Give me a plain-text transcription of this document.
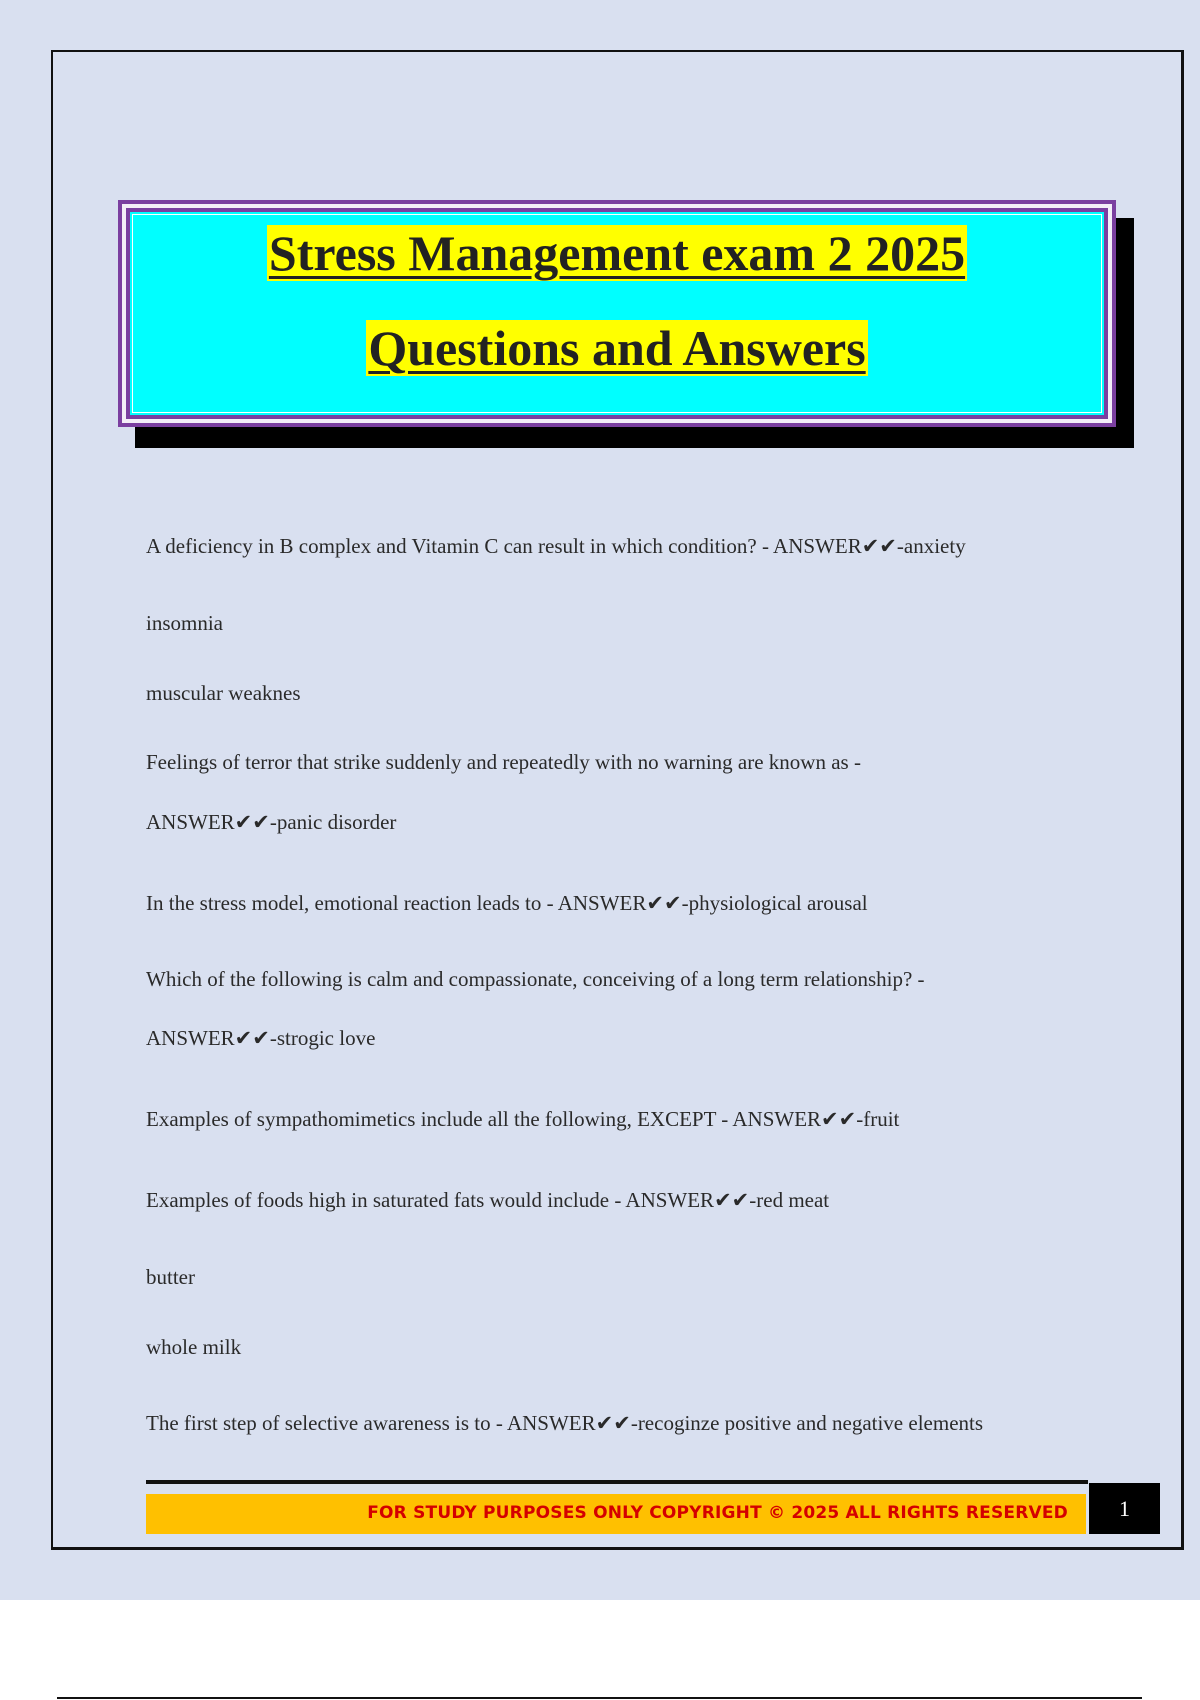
Stress Management exam 2 2025
Questions and Answers
A deficiency in B complex and Vitamin C can result in which condition? - ANSWER✔✔-anxiety
insomnia
muscular weaknes
Feelings of terror that strike suddenly and repeatedly with no warning are known as -
ANSWER✔✔-panic disorder
In the stress model, emotional reaction leads to - ANSWER✔✔-physiological arousal
Which of the following is calm and compassionate, conceiving of a long term relationship? -
ANSWER✔✔-strogic love
Examples of sympathomimetics include all the following, EXCEPT - ANSWER✔✔-fruit
Examples of foods high in saturated fats would include - ANSWER✔✔-red meat
butter
whole milk
The first step of selective awareness is to - ANSWER✔✔-recoginze positive and negative elements
FOR STUDY PURPOSES ONLY COPYRIGHT © 2025 ALL RIGHTS RESERVED	1
